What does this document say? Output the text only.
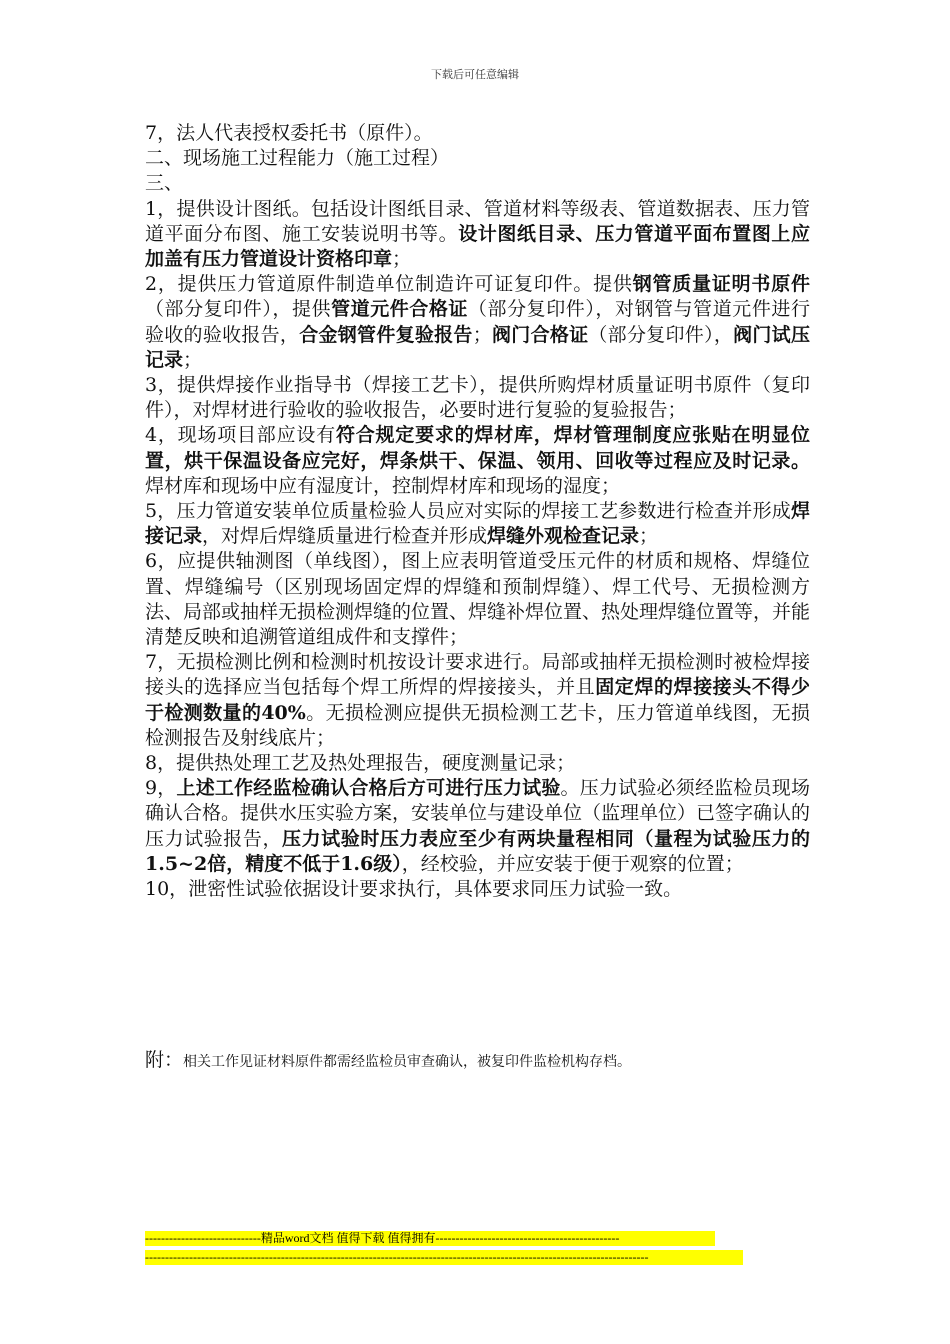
下载后可任意编辑

7，法人代表授权委托书（原件）。

二、现场施工过程能力（施工过程）

三、

1，提供设计图纸。包括设计图纸目录、管道材料等级表、管道数据表、压力管道平面分布图、施工安装说明书等。设计图纸目录、压力管道平面布置图上应加盖有压力管道设计资格印章；

2，提供压力管道原件制造单位制造许可证复印件。提供钢管质量证明书原件（部分复印件），提供管道元件合格证（部分复印件），对钢管与管道元件进行验收的验收报告，合金钢管件复验报告；阀门合格证（部分复印件），阀门试压记录；

3，提供焊接作业指导书（焊接工艺卡），提供所购焊材质量证明书原件（复印件），对焊材进行验收的验收报告，必要时进行复验的复验报告；

4，现场项目部应设有符合规定要求的焊材库，焊材管理制度应张贴在明显位置，烘干保温设备应完好，焊条烘干、保温、领用、回收等过程应及时记录。焊材库和现场中应有湿度计，控制焊材库和现场的湿度；

5，压力管道安装单位质量检验人员应对实际的焊接工艺参数进行检查并形成焊接记录，对焊后焊缝质量进行检查并形成焊缝外观检查记录；

6，应提供轴测图（单线图），图上应表明管道受压元件的材质和规格、焊缝位置、焊缝编号（区别现场固定焊的焊缝和预制焊缝）、焊工代号、无损检测方法、局部或抽样无损检测焊缝的位置、焊缝补焊位置、热处理焊缝位置等，并能清楚反映和追溯管道组成件和支撑件；

7，无损检测比例和检测时机按设计要求进行。局部或抽样无损检测时被检焊接接头的选择应当包括每个焊工所焊的焊接接头，并且固定焊的焊接接头不得少于检测数量的40%。无损检测应提供无损检测工艺卡，压力管道单线图，无损检测报告及射线底片；

8，提供热处理工艺及热处理报告，硬度测量记录；

9，上述工作经监检确认合格后方可进行压力试验。压力试验必须经监检员现场确认合格。提供水压实验方案，安装单位与建设单位（监理单位）已签字确认的压力试验报告，压力试验时压力表应至少有两块量程相同（量程为试验压力的1.5~2倍，精度不低于1.6级），经校验，并应安装于便于观察的位置；

10，泄密性试验依据设计要求执行，具体要求同压力试验一致。

附：相关工作见证材料原件都需经监检员审查确认，被复印件监检机构存档。
-----------------------------精品word文档 值得下载 值得拥有----------------------------------------------
------------------------------------------------------------------------------------------------------------------------------
